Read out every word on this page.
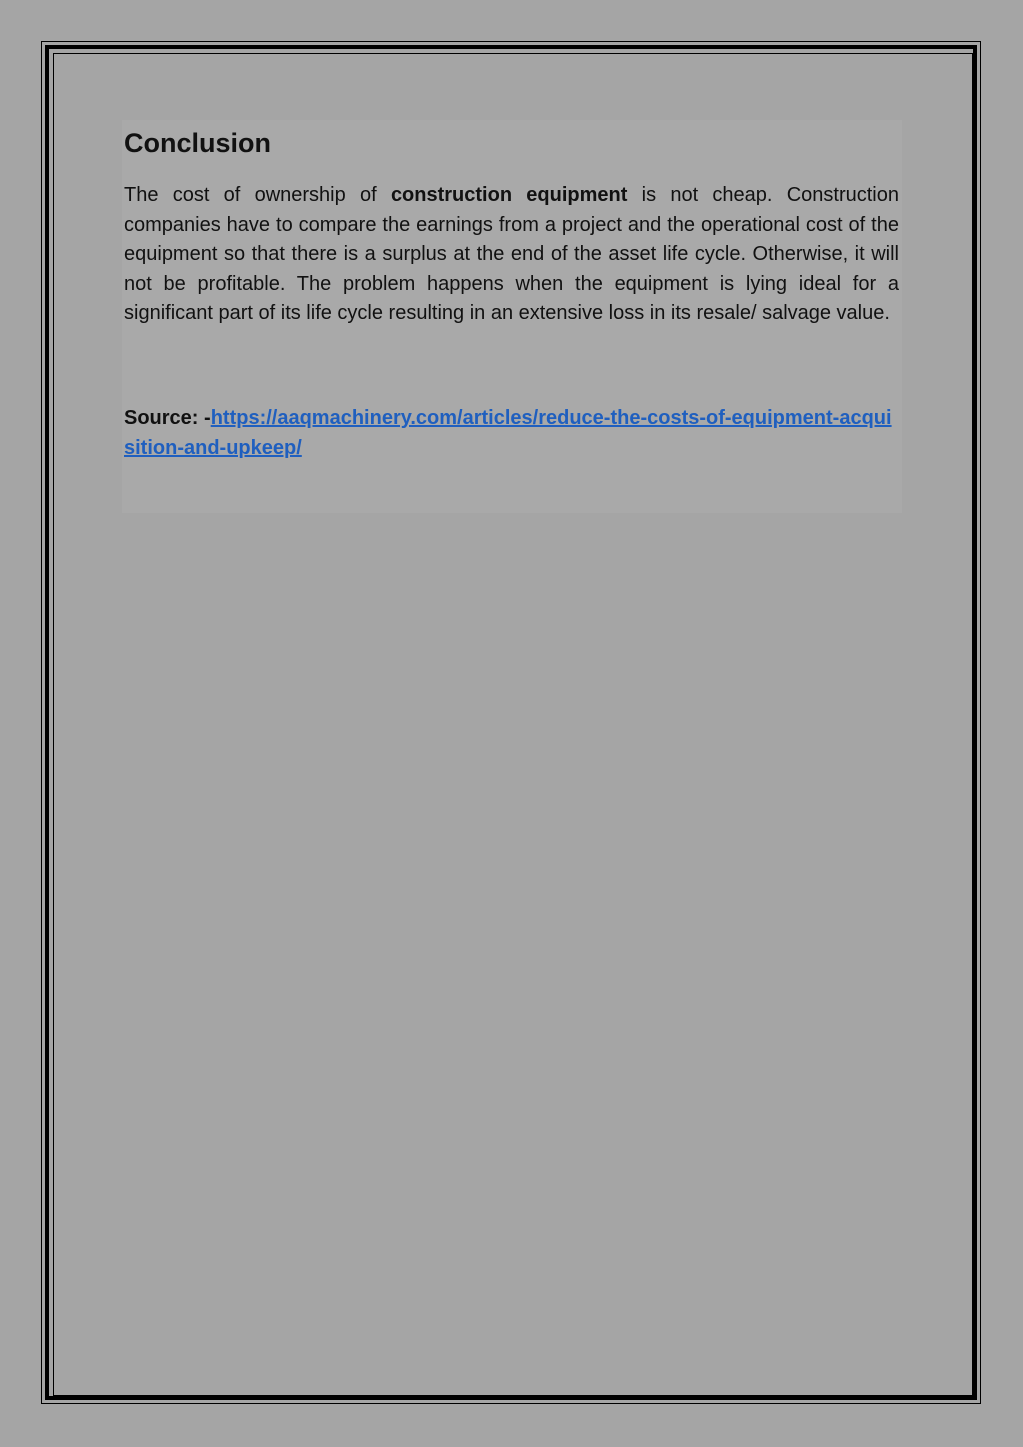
Conclusion

The cost of ownership of construction equipment is not cheap. Construction companies have to compare the earnings from a project and the operational cost of the equipment so that there is a surplus at the end of the asset life cycle. Otherwise, it will not be profitable. The problem happens when the equipment is lying ideal for a significant part of its life cycle resulting in an extensive loss in its resale/ salvage value.

Source: -https://aaqmachinery.com/articles/reduce-the-costs-of-equipment-acquisition-and-upkeep/
